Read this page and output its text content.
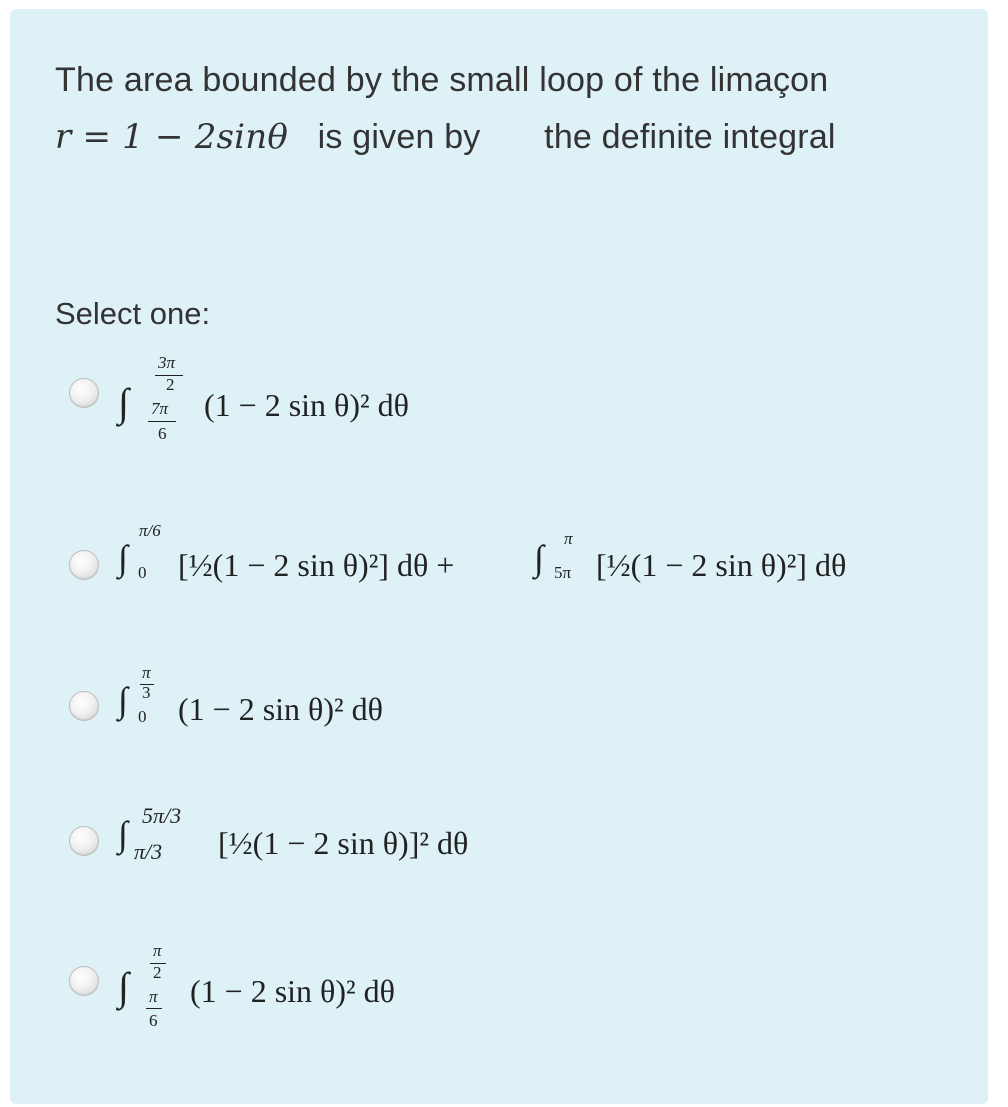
The area bounded by the small loop of the limaçon
r = 1 − 2sinθ is given by the definite integral
Select one:
∫
3π
2
7π
6
(1 − 2 sin θ)² dθ
∫
π/6
0 [½(1 − 2 sin θ)²] dθ + ∫ π
5π [½(1 − 2 sin θ)²] dθ
∫
π
3
0 (1 − 2 sin θ)² dθ
∫ 5π/3
π/3 [½(1 − 2 sin θ)]² dθ
∫
π
2
π
6
(1 − 2 sin θ)² dθ
